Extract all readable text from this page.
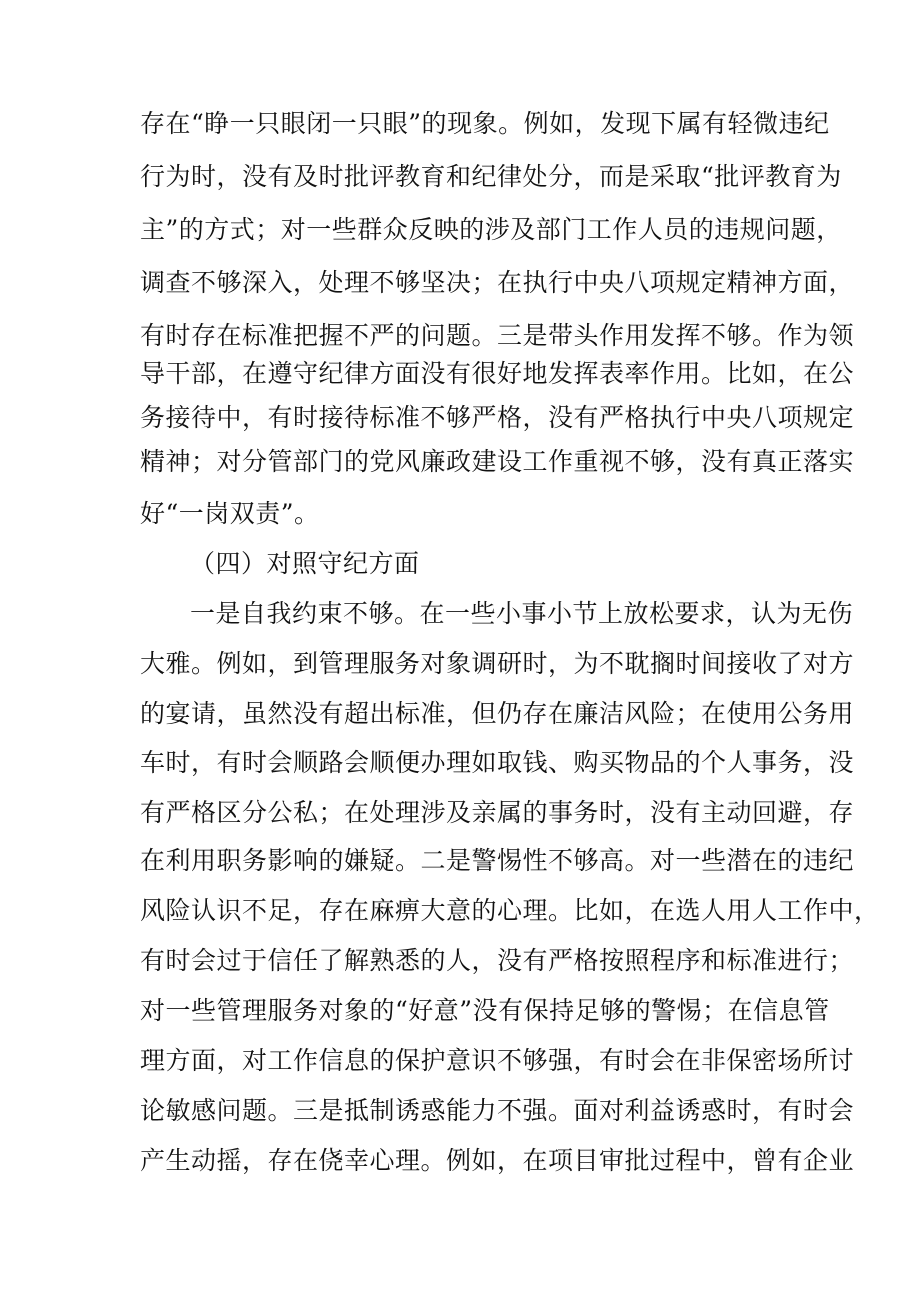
存在“睁一只眼闭一只眼”的现象。例如，发现下属有轻微违纪
行为时，没有及时批评教育和纪律处分，而是采取“批评教育为
主”的方式；对一些群众反映的涉及部门工作人员的违规问题，
调查不够深入，处理不够坚决；在执行中央八项规定精神方面，
有时存在标准把握不严的问题。三是带头作用发挥不够。作为领
导干部，在遵守纪律方面没有很好地发挥表率作用。比如，在公
务接待中，有时接待标准不够严格，没有严格执行中央八项规定
精神；对分管部门的党风廉政建设工作重视不够，没有真正落实
好“一岗双责”。
（四）对照守纪方面
一是自我约束不够。在一些小事小节上放松要求，认为无伤
大雅。例如，到管理服务对象调研时，为不耽搁时间接收了对方
的宴请，虽然没有超出标准，但仍存在廉洁风险；在使用公务用
车时，有时会顺路会顺便办理如取钱、购买物品的个人事务，没
有严格区分公私；在处理涉及亲属的事务时，没有主动回避，存
在利用职务影响的嫌疑。二是警惕性不够高。对一些潜在的违纪
风险认识不足，存在麻痹大意的心理。比如，在选人用人工作中，
有时会过于信任了解熟悉的人，没有严格按照程序和标准进行；
对一些管理服务对象的“好意”没有保持足够的警惕；在信息管
理方面，对工作信息的保护意识不够强，有时会在非保密场所讨
论敏感问题。三是抵制诱惑能力不强。面对利益诱惑时，有时会
产生动摇，存在侥幸心理。例如，在项目审批过程中，曾有企业
